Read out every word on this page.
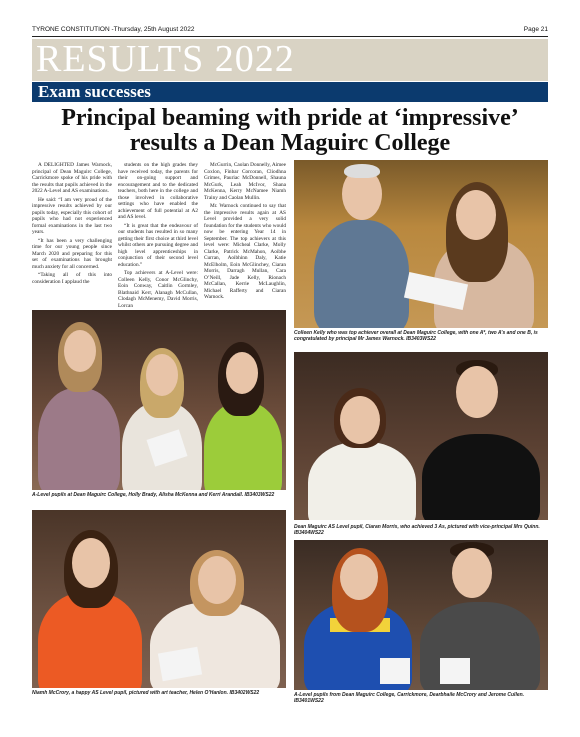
TYRONE CONSTITUTION -Thursday, 25th August 2022	Page 21
RESULTS 2022
Exam successes
Principal beaming with pride at ‘impressive’
results a Dean Maguirc College

A DELIGHTED James Warnock, principal of Dean Maguirc College, Carrickmore spoke of his pride with the results that pupils achieved in the 2022 A-Level and AS examinations.

He said: “I am very proud of the impressive results achieved by our pupils today, especially this cohort of pupils who had not experienced formal examinations in the last two years.

“It has been a very challenging time for our young people since March 2020 and preparing for this set of examinations has brought much anxiety for all concerned.

“Taking all of this into consideration I applaud the

students on the high grades they have received today, the parents for their on-going support and encouragement and to the dedicated teachers, both here in the college and those involved in collaborative settings who have enabled the achievement of full potential at A2 and AS level.

“It is great that the endeavour of our students has resulted in so many getting their first choice at third level whilst others are pursuing degree and high level apprenticeships in conjunction of their second level education.”

Top achievers at A-Level were: Colleen Kelly, Conor McGlinchy, Eoin Conway, Caitlin Gormley, Blathnaid Kerr, Alanagh McCullan, Clodagh McMenemy, David Morris, Lorcan

McGurrin, Caolan Donnelly, Aimee Coxlon, Finbar Corcoran, Cliodhna Grimes, Pauriac McDonnell, Shauna McGurk, Leah McIvor, Shana McKenna, Kerry McNamee Niamh Trainy and Caolan Mullin.

Mr. Warnock continued to say that the impressive results again at AS Level provided a very solid foundation for the students who would now be entering Year 14 in September. The top achievers at this level were: Micheal Clarke, Molly Clarke, Patrick McMahon, Aoibhe Curran, Aoibhinn Daly, Katie McElholm, Eoin McGlinchey, Ciaran Morris, Darragh Mullan, Cara O’Neill, Jade Kelly, Rionach McCallan, Kerrie McLaughlin, Michael Rafferty and Ciaran Warnock.

Colleen Kelly who was top achiever overall at Dean Maguirc College, with one A*, two A’s and one B, is congratulated by principal Mr James Warnock. IB3403WS22
A-Level pupils at Dean Maguirc College, Holly Brady, Alisha McKenna and Kerri Arandall. IB3403WS22
Dean Maguirc AS Level pupil, Ciaran Morris, who achieved 3 As, pictured with vice-principal Mrs Quinn. IB3404WS22
Niamh McCrory, a happy AS Level pupil, pictured with art teacher, Helen O’Hanlon. IB3402WS22	A-Level pupils from Dean Maguirc College, Carrickmore, Dearbhaile McCrory and Jerome Cullen. IB3401WS22
